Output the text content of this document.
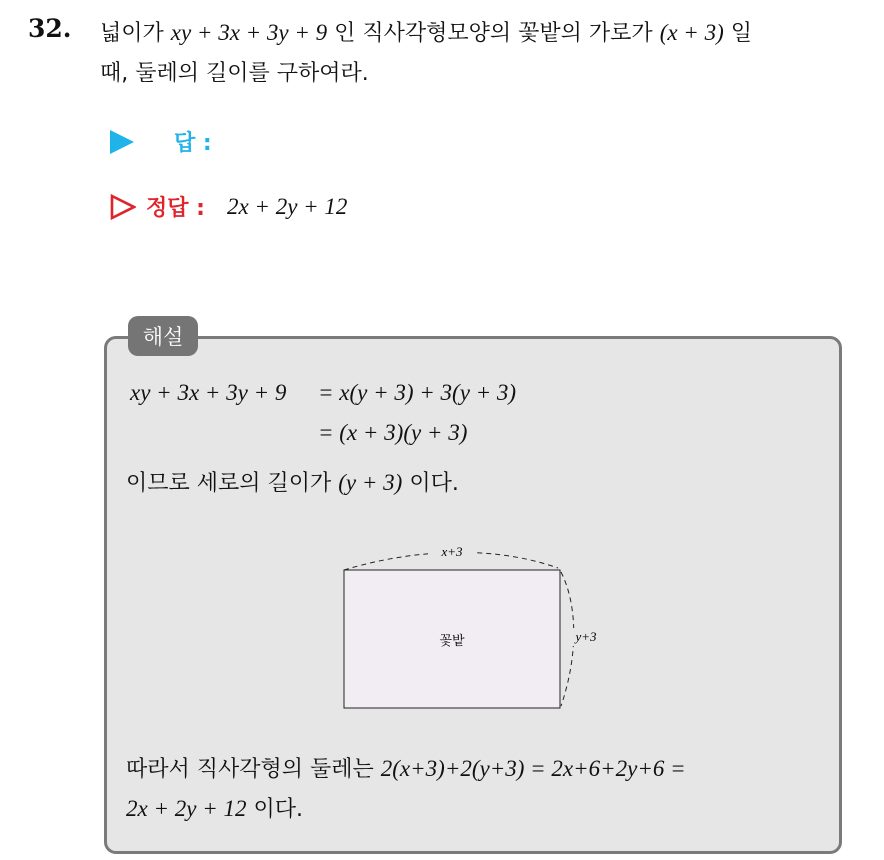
32. 넓이가 xy + 3x + 3y + 9 인 직사각형모양의 꽃밭의 가로가 (x + 3) 일
때, 둘레의 길이를 구하여라.
답 :
정답 : 2x + 2y + 12
해설
xy + 3x + 3y + 9 = x(y + 3) + 3(y + 3)
= (x + 3)(y + 3)
이므로 세로의 길이가 (y + 3) 이다.
x+3
y+3
꽃밭
따라서 직사각형의 둘레는 2(x+3)+2(y+3) = 2x+6+2y+6 =
2x + 2y + 12 이다.
